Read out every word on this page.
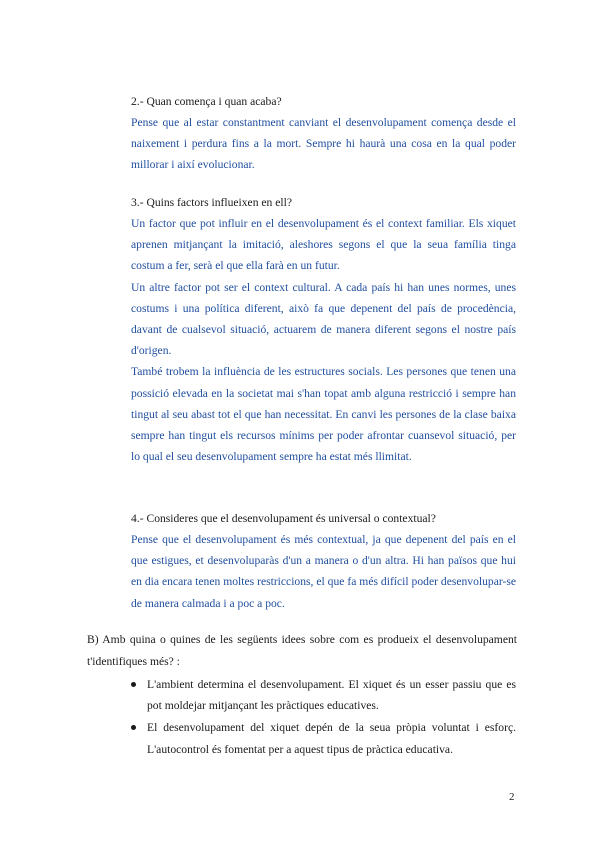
2.- Quan comença i quan acaba?

Pense que al estar constantment canviant el desenvolupament comença desde el naixement i perdura fins a la mort. Sempre hi haurà una cosa en la qual poder millorar i així evolucionar.

3.- Quins factors influeixen en ell?

Un factor que pot influir en el desenvolupament és el context familiar. Els xiquet aprenen mitjançant la imitació, aleshores segons el que la seua família tinga costum a fer, serà el que ella farà en un futur.

Un altre factor pot ser el context cultural. A cada país hi han unes normes, unes costums i una política diferent, això fa que depenent del país de procedència, davant de cualsevol situació, actuarem de manera diferent segons el nostre país d'origen.

També trobem la influència de les estructures socials. Les persones que tenen una possició elevada en la societat mai s'han topat amb alguna restricció i sempre han tingut al seu abast tot el que han necessitat. En canvi les persones de la clase baixa sempre han tingut els recursos mínims per poder afrontar cuansevol situació, per lo qual el seu desenvolupament sempre ha estat més llimitat.

4.- Consideres que el desenvolupament és universal o contextual?

Pense que el desenvolupament és més contextual, ja que depenent del país en el que estigues, et desenvoluparàs d'un a manera o d'un altra. Hi han països que hui en dia encara tenen moltes restriccions, el que fa més difícil poder desenvolupar-se de manera calmada i a poc a poc.

B) Amb quina o quines de les següents idees sobre com es produeix el desenvolupament t'identifiques més? :
L'ambient determina el desenvolupament. El xiquet és un esser passiu que es pot moldejar mitjançant les pràctiques educatives.
El desenvolupament del xiquet depén de la seua pròpia voluntat i esforç. L'autocontrol és fomentat per a aquest tipus de pràctica educativa.
2
